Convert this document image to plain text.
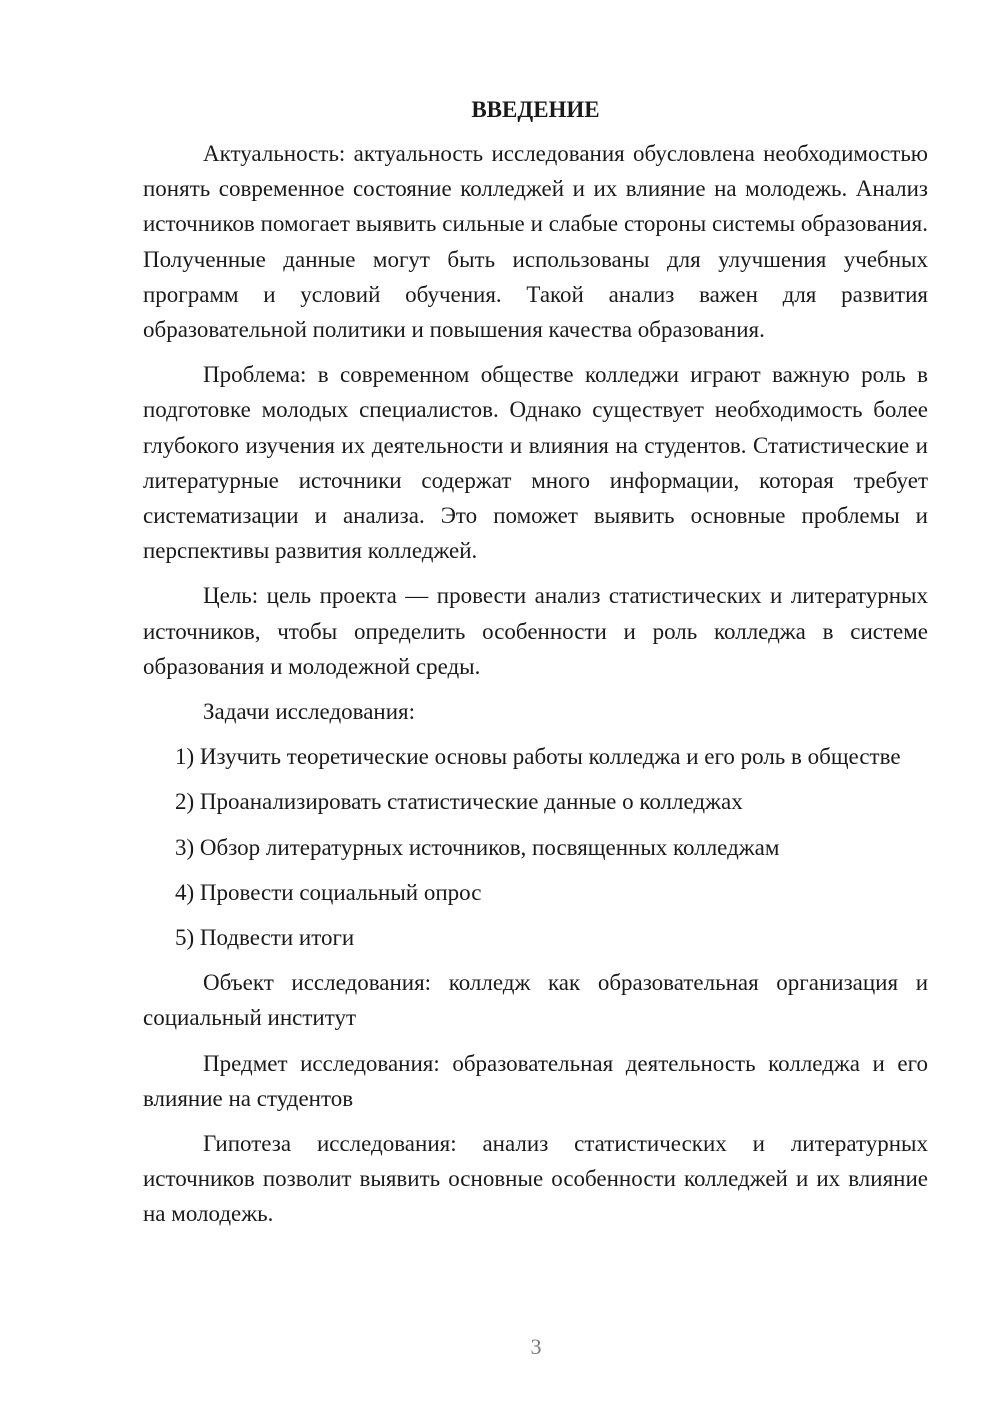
ВВЕДЕНИЕ

Актуальность: актуальность исследования обусловлена необходимостью понять современное состояние колледжей и их влияние на молодежь. Анализ источников помогает выявить сильные и слабые стороны системы образования. Полученные данные могут быть использованы для улучшения учебных программ и условий обучения. Такой анализ важен для развития образовательной политики и повышения качества образования.

Проблема: в современном обществе колледжи играют важную роль в подготовке молодых специалистов. Однако существует необходимость более глубокого изучения их деятельности и влияния на студентов. Статистические и литературные источники содержат много информации, которая требует систематизации и анализа. Это поможет выявить основные проблемы и перспективы развития колледжей.

Цель: цель проекта — провести анализ статистических и литературных источников, чтобы определить особенности и роль колледжа в системе образования и молодежной среды.

Задачи исследования:

1) Изучить теоретические основы работы колледжа и его роль в обществе

2) Проанализировать статистические данные о колледжах

3) Обзор литературных источников, посвященных колледжам

4) Провести социальный опрос

5) Подвести итоги

Объект исследования: колледж как образовательная организация и социальный институт

Предмет исследования: образовательная деятельность колледжа и его влияние на студентов

Гипотеза исследования: анализ статистических и литературных источников позволит выявить основные особенности колледжей и их влияние на молодежь.

3
